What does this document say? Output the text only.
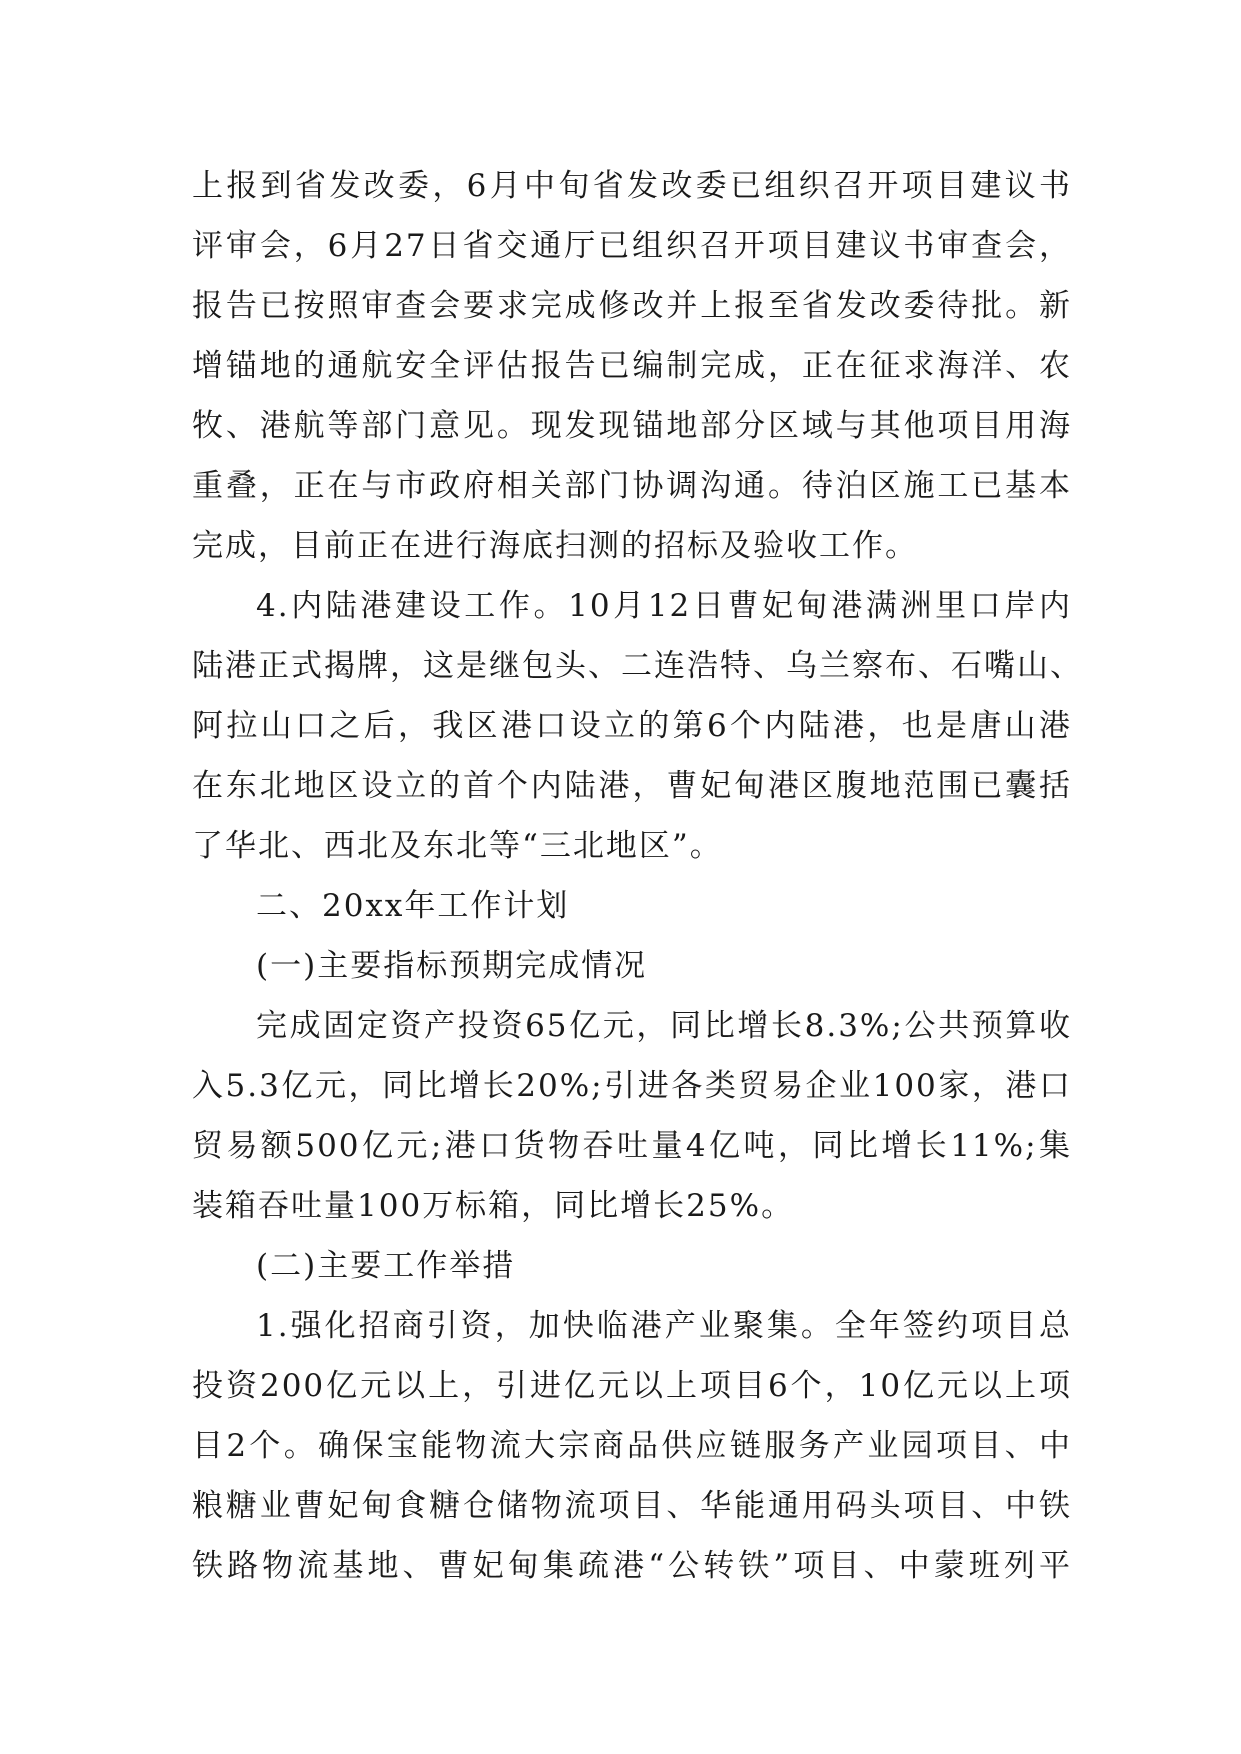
上报到省发改委，6月中旬省发改委已组织召开项目建议书
评审会，6月27日省交通厅已组织召开项目建议书审查会，
报告已按照审查会要求完成修改并上报至省发改委待批。新
增锚地的通航安全评估报告已编制完成，正在征求海洋、农
牧、港航等部门意见。现发现锚地部分区域与其他项目用海
重叠，正在与市政府相关部门协调沟通。待泊区施工已基本
完成，目前正在进行海底扫测的招标及验收工作。
4.内陆港建设工作。10月12日曹妃甸港满洲里口岸内
陆港正式揭牌，这是继包头、二连浩特、乌兰察布、石嘴山、
阿拉山口之后，我区港口设立的第6个内陆港，也是唐山港
在东北地区设立的首个内陆港，曹妃甸港区腹地范围已囊括
了华北、西北及东北等“三北地区”。
二、20xx年工作计划
(一)主要指标预期完成情况
完成固定资产投资65亿元，同比增长8.3%;公共预算收
入5.3亿元，同比增长20%;引进各类贸易企业100家，港口
贸易额500亿元;港口货物吞吐量4亿吨，同比增长11%;集
装箱吞吐量100万标箱，同比增长25%。
(二)主要工作举措
1.强化招商引资，加快临港产业聚集。全年签约项目总
投资200亿元以上，引进亿元以上项目6个，10亿元以上项
目2个。确保宝能物流大宗商品供应链服务产业园项目、中
粮糖业曹妃甸食糖仓储物流项目、华能通用码头项目、中铁
铁路物流基地、曹妃甸集疏港“公转铁”项目、中蒙班列平
